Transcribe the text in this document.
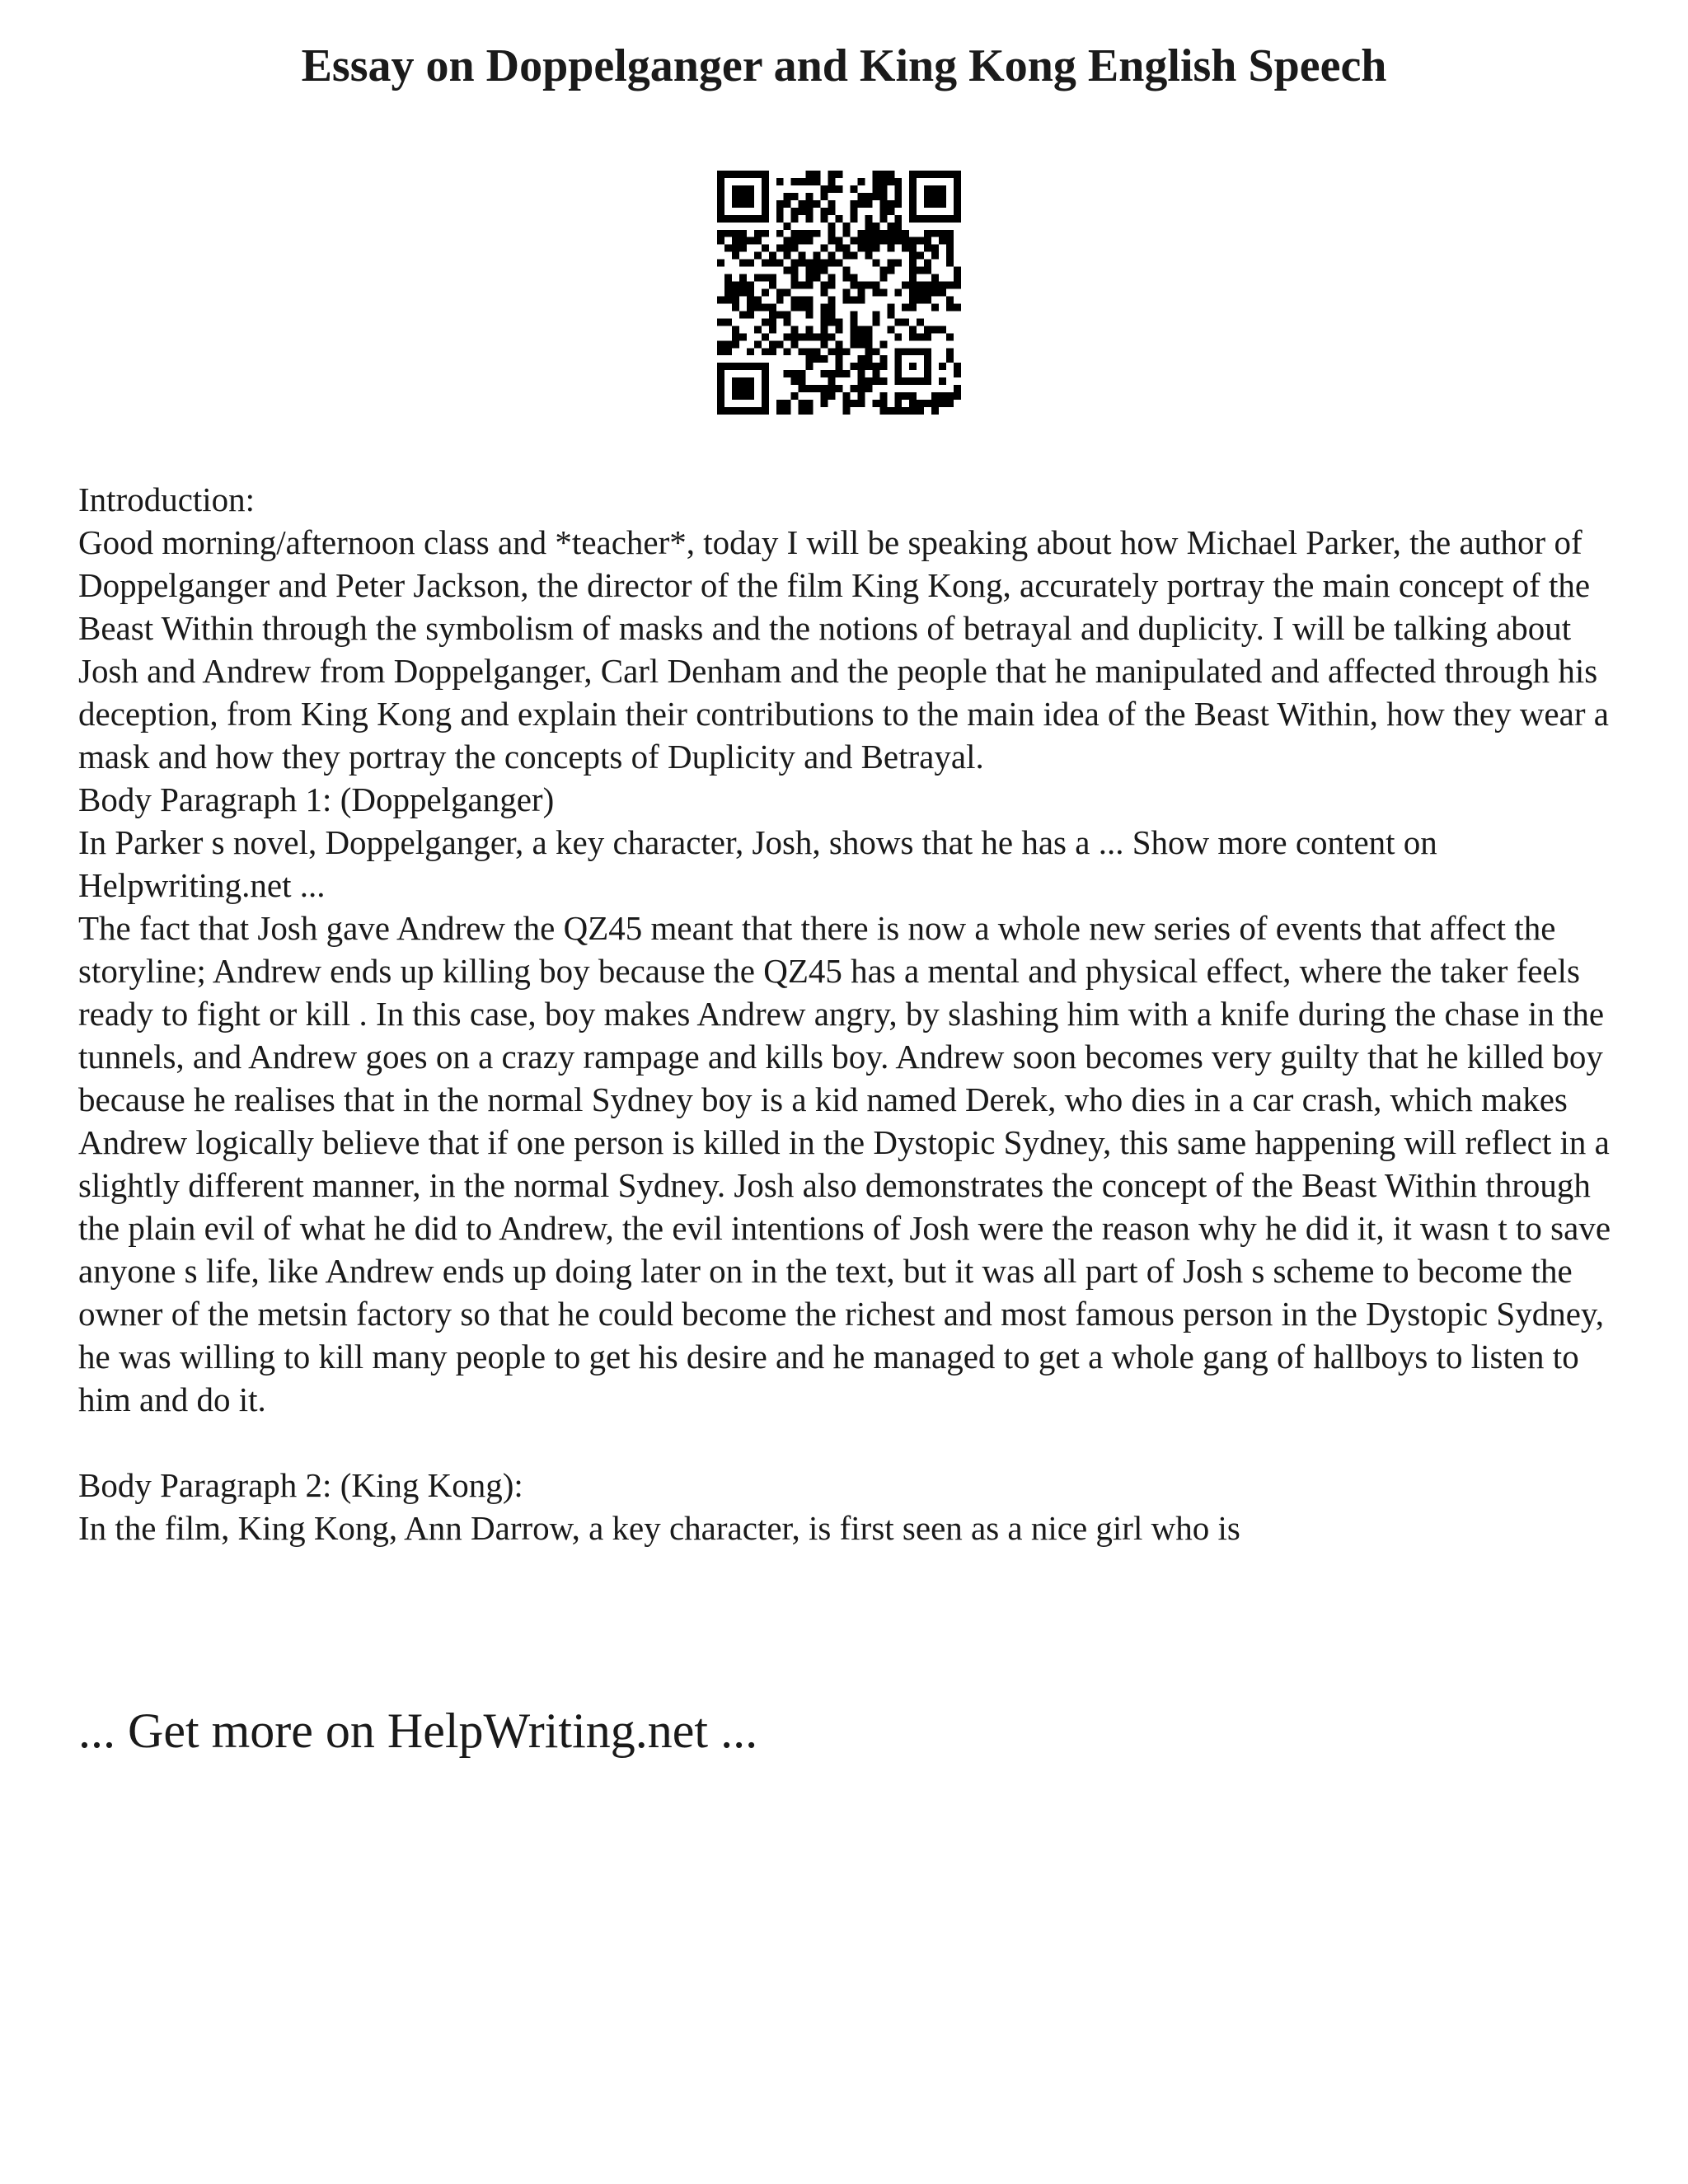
Essay on Doppelganger and King Kong English Speech

Introduction:

Good morning/afternoon class and *teacher*, today I will be speaking about how Michael Parker, the author of Doppelganger and Peter Jackson, the director of the film King Kong, accurately portray the main concept of the Beast Within through the symbolism of masks and the notions of betrayal and duplicity. I will be talking about Josh and Andrew from Doppelganger, Carl Denham and the people that he manipulated and affected through his deception, from King Kong and explain their contributions to the main idea of the Beast Within, how they wear a mask and how they portray the concepts of Duplicity and Betrayal.

Body Paragraph 1: (Doppelganger)

In Parker s novel, Doppelganger, a key character, Josh, shows that he has a ... Show more content on Helpwriting.net ...

The fact that Josh gave Andrew the QZ45 meant that there is now a whole new series of events that affect the storyline; Andrew ends up killing boy because the QZ45 has a mental and physical effect, where the taker feels ready to fight or kill . In this case, boy makes Andrew angry, by slashing him with a knife during the chase in the tunnels, and Andrew goes on a crazy rampage and kills boy. Andrew soon becomes very guilty that he killed boy because he realises that in the normal Sydney boy is a kid named Derek, who dies in a car crash, which makes Andrew logically believe that if one person is killed in the Dystopic Sydney, this same happening will reflect in a slightly different manner, in the normal Sydney. Josh also demonstrates the concept of the Beast Within through the plain evil of what he did to Andrew, the evil intentions of Josh were the reason why he did it, it wasn t to save anyone s life, like Andrew ends up doing later on in the text, but it was all part of Josh s scheme to become the owner of the metsin factory so that he could become the richest and most famous person in the Dystopic Sydney, he was willing to kill many people to get his desire and he managed to get a whole gang of hallboys to listen to him and do it.

Body Paragraph 2: (King Kong):

In the film, King Kong, Ann Darrow, a key character, is first seen as a nice girl who is

... Get more on HelpWriting.net ...
